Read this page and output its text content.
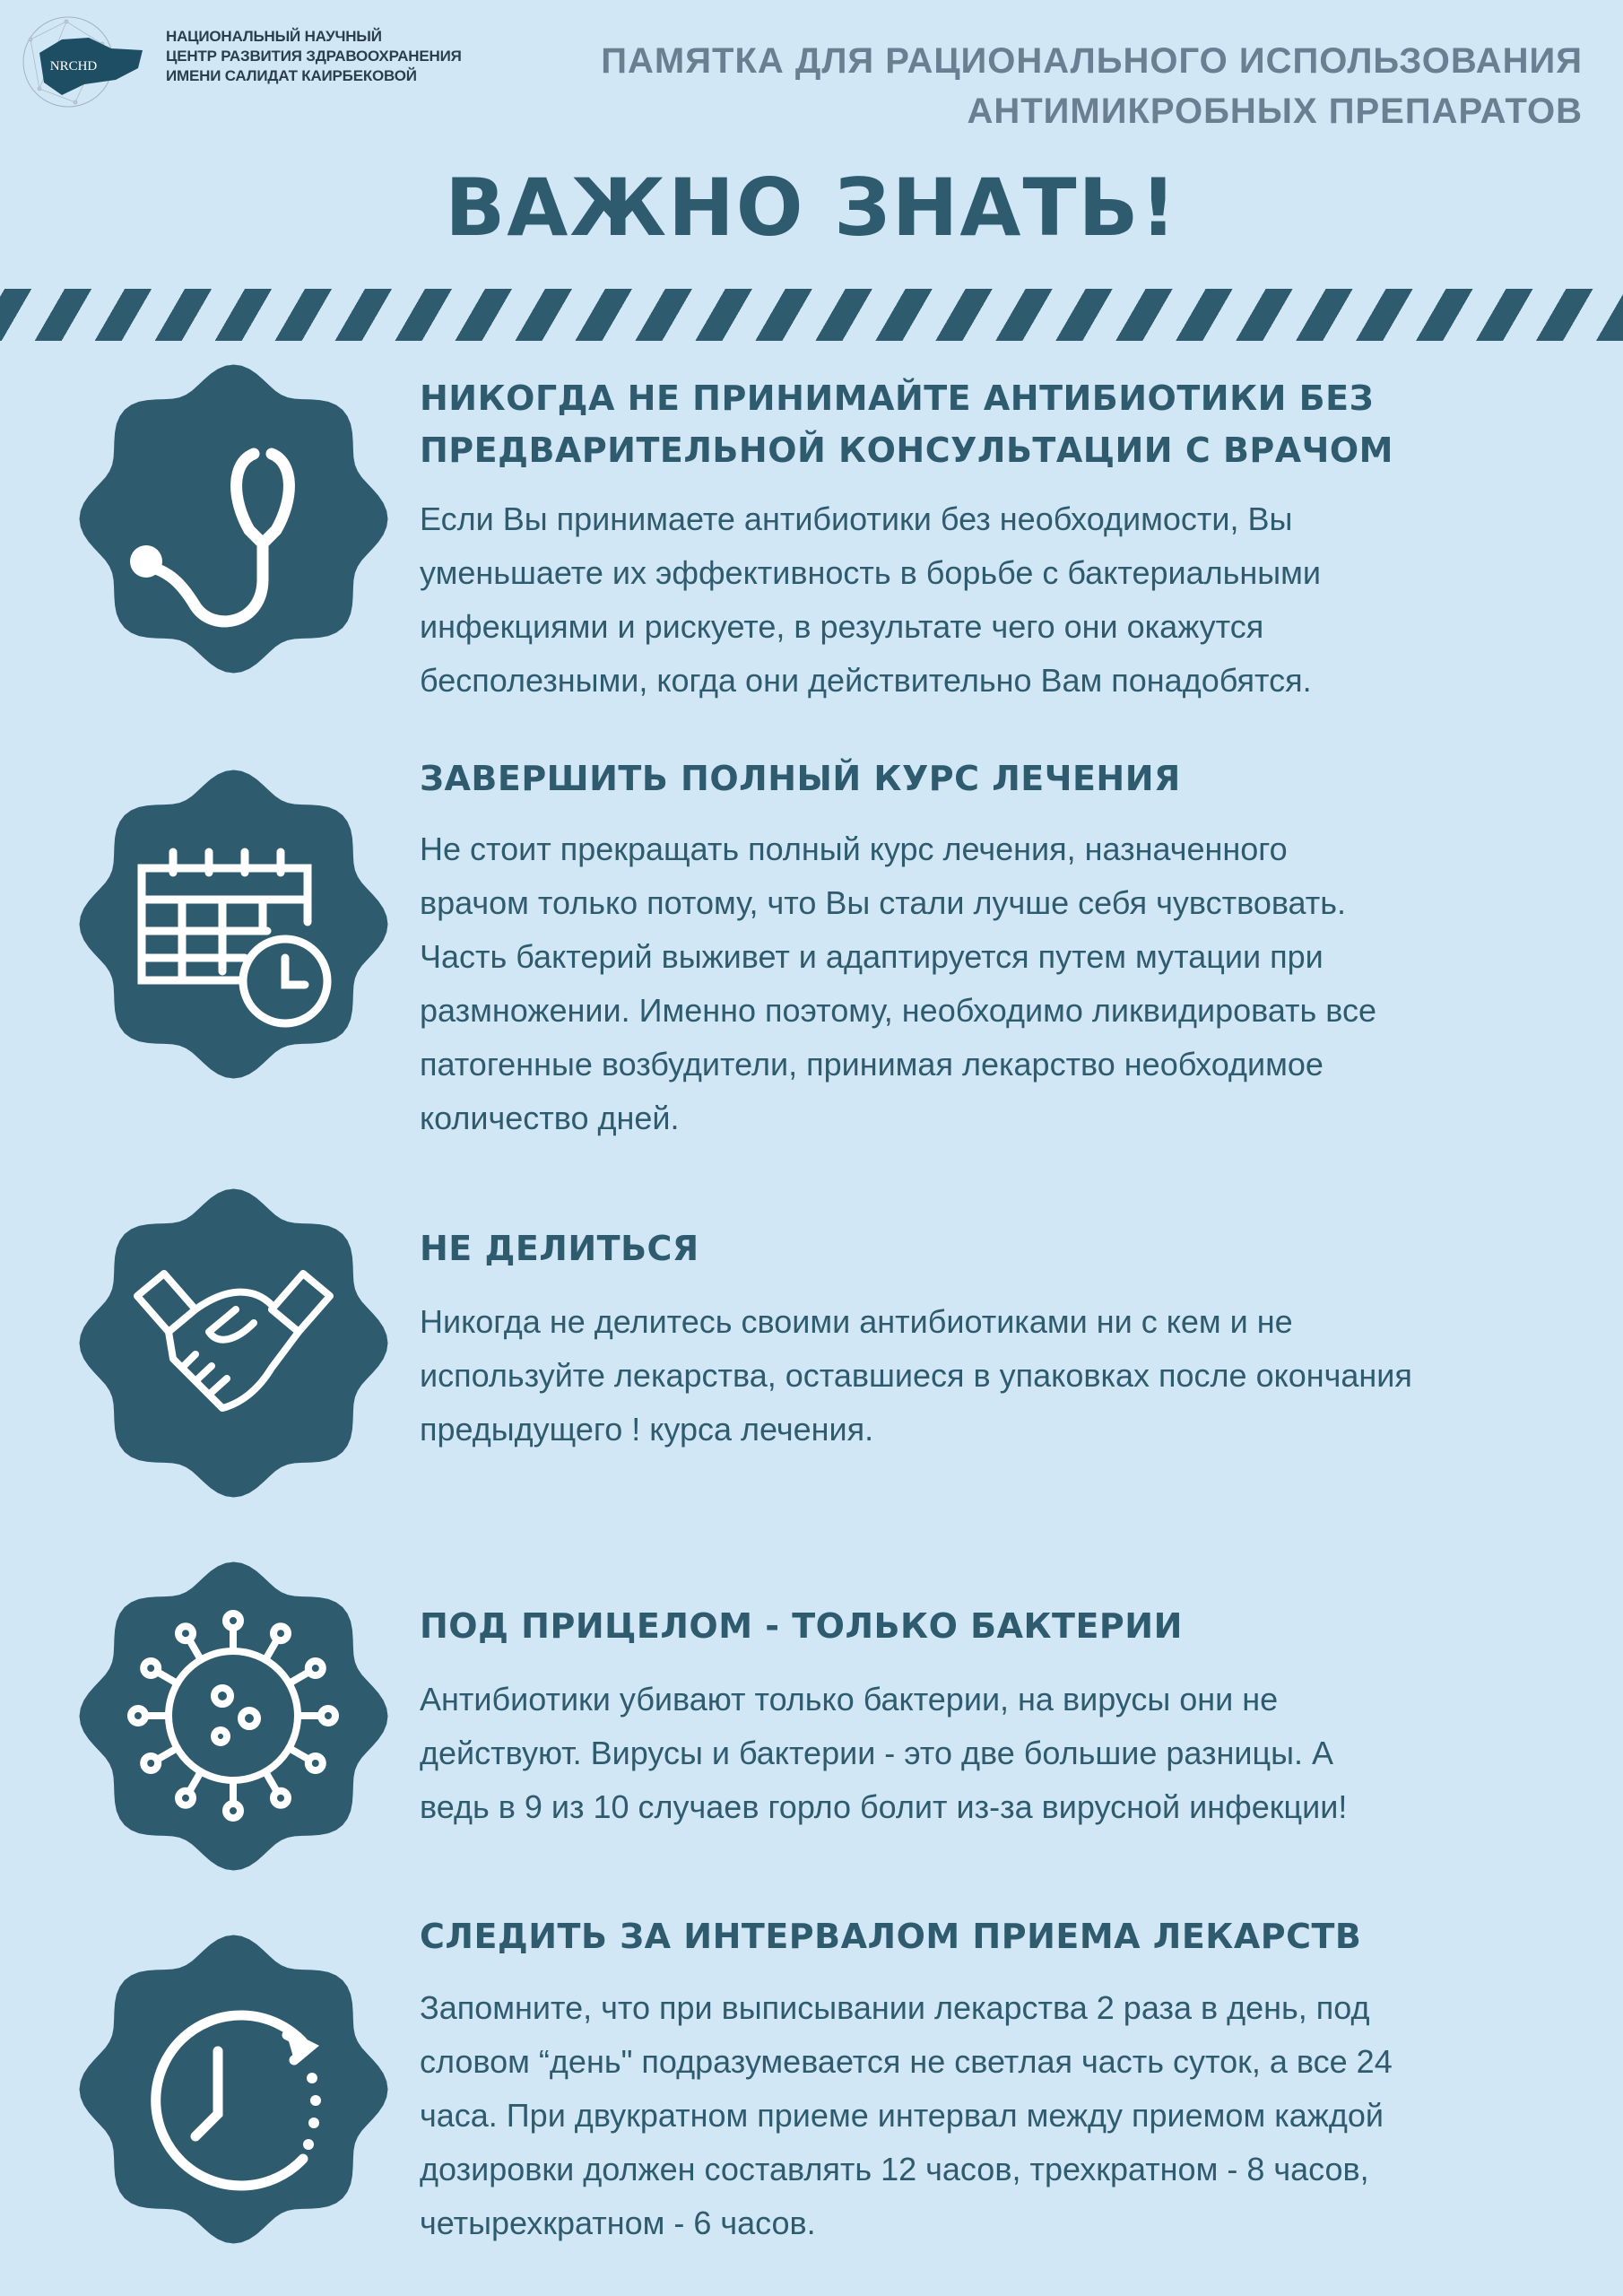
NRCHD
НАЦИОНАЛЬНЫЙ НАУЧНЫЙ
ЦЕНТР РАЗВИТИЯ ЗДРАВООХРАНЕНИЯ
ИМЕНИ САЛИДАТ КАИРБЕКОВОЙ	ПАМЯТКА ДЛЯ РАЦИОНАЛЬНОГО ИСПОЛЬЗОВАНИЯ
АНТИМИКРОБНЫХ ПРЕПАРАТОВ
ВАЖНО ЗНАТЬ!
НИКОГДА НЕ ПРИНИМАЙТЕ АНТИБИОТИКИ БЕЗ
ПРЕДВАРИТЕЛЬНОЙ КОНСУЛЬТАЦИИ С ВРАЧОМ
Если Вы принимаете антибиотики без необходимости, Вы
уменьшаете их эффективность в борьбе с бактериальными
инфекциями и рискуете, в результате чего они окажутся
бесполезными, когда они действительно Вам понадобятся.
ЗАВЕРШИТЬ ПОЛНЫЙ КУРС ЛЕЧЕНИЯ
Не стоит прекращать полный курс лечения, назначенного
врачом только потому, что Вы стали лучше себя чувствовать.
Часть бактерий выживет и адаптируется путем мутации при
размножении. Именно поэтому, необходимо ликвидировать все
патогенные возбудители, принимая лекарство необходимое
количество дней.
НЕ ДЕЛИТЬСЯ
Никогда не делитесь своими антибиотиками ни с кем и не
используйте лекарства, оставшиеся в упаковках после окончания
предыдущего ! курса лечения.
ПОД ПРИЦЕЛОМ - ТОЛЬКО БАКТЕРИИ
Антибиотики убивают только бактерии, на вирусы они не
действуют. Вирусы и бактерии - это две большие разницы. А
ведь в 9 из 10 случаев горло болит из-за вирусной инфекции!
СЛЕДИТЬ ЗА ИНТЕРВАЛОМ ПРИЕМА ЛЕКАРСТВ
Запомните, что при выписывании лекарства 2 раза в день, под
словом “день" подразумевается не светлая часть суток, а все 24
часа. При двукратном приеме интервал между приемом каждой
дозировки должен составлять 12 часов, трехкратном - 8 часов,
четырехкратном - 6 часов.
